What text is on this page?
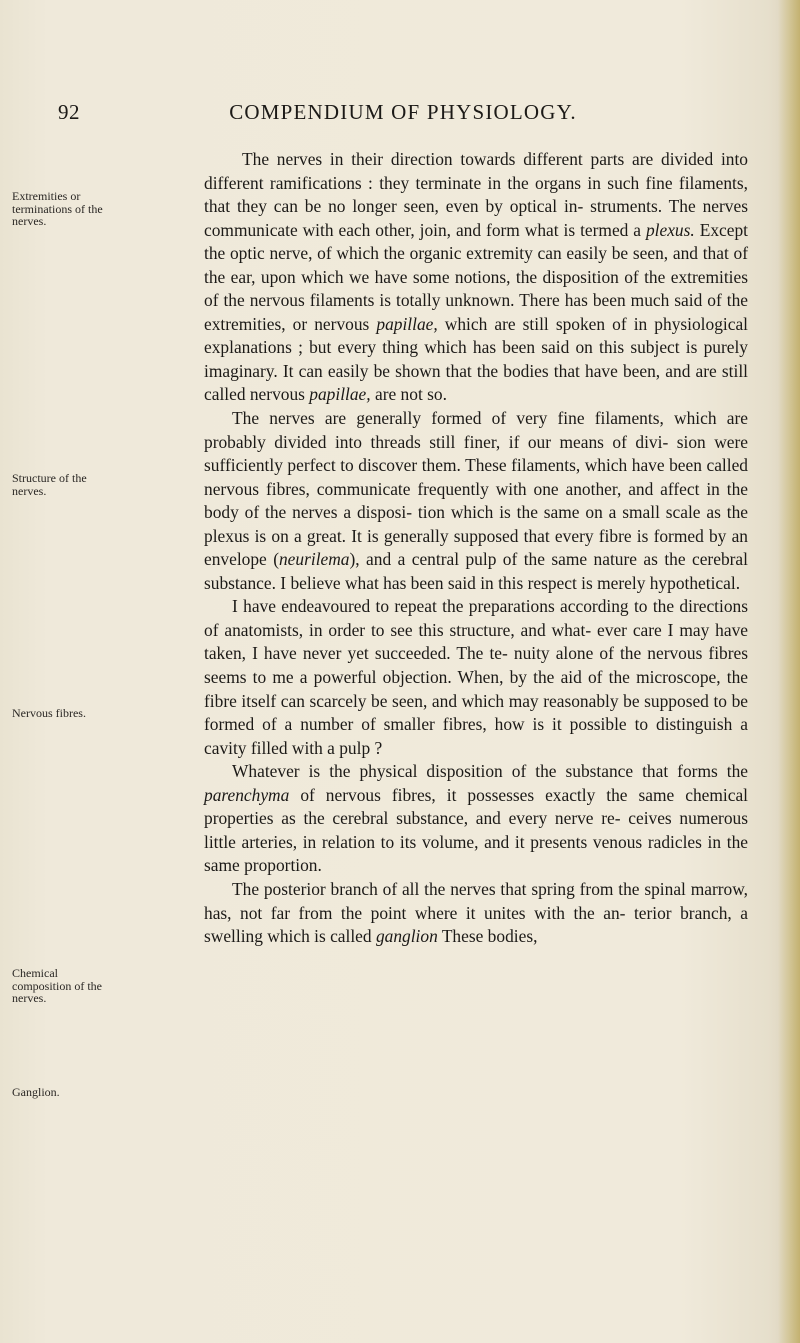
92	COMPENDIUM OF PHYSIOLOGY.
Extremities or terminations of the nerves.
Structure of the nerves.
Nervous fibres.
Chemical composition of the nerves.
Ganglion.

The nerves in their direction towards different parts are divided into different ramifications : they terminate in the organs in such fine filaments, that they can be no longer seen, even by optical in- struments. The nerves communicate with each other, join, and form what is termed a plexus. Except the optic nerve, of which the organic extremity can easily be seen, and that of the ear, upon which we have some notions, the disposition of the extremities of the nervous filaments is totally unknown. There has been much said of the extremities, or nervous papillae, which are still spoken of in physiological explanations ; but every thing which has been said on this subject is purely imaginary. It can easily be shown that the bodies that have been, and are still called nervous papillae, are not so.

The nerves are generally formed of very fine filaments, which are probably divided into threads still finer, if our means of divi- sion were sufficiently perfect to discover them. These filaments, which have been called nervous fibres, communicate frequently with one another, and affect in the body of the nerves a disposi- tion which is the same on a small scale as the plexus is on a great. It is generally supposed that every fibre is formed by an envelope (neurilema), and a central pulp of the same nature as the cerebral substance. I believe what has been said in this respect is merely hypothetical.

I have endeavoured to repeat the preparations according to the directions of anatomists, in order to see this structure, and what- ever care I may have taken, I have never yet succeeded. The te- nuity alone of the nervous fibres seems to me a powerful objection. When, by the aid of the microscope, the fibre itself can scarcely be seen, and which may reasonably be supposed to be formed of a number of smaller fibres, how is it possible to distinguish a cavity filled with a pulp ?

Whatever is the physical disposition of the substance that forms the parenchyma of nervous fibres, it possesses exactly the same chemical properties as the cerebral substance, and every nerve re- ceives numerous little arteries, in relation to its volume, and it presents venous radicles in the same proportion.

The posterior branch of all the nerves that spring from the spinal marrow, has, not far from the point where it unites with the an- terior branch, a swelling which is called ganglion These bodies,
